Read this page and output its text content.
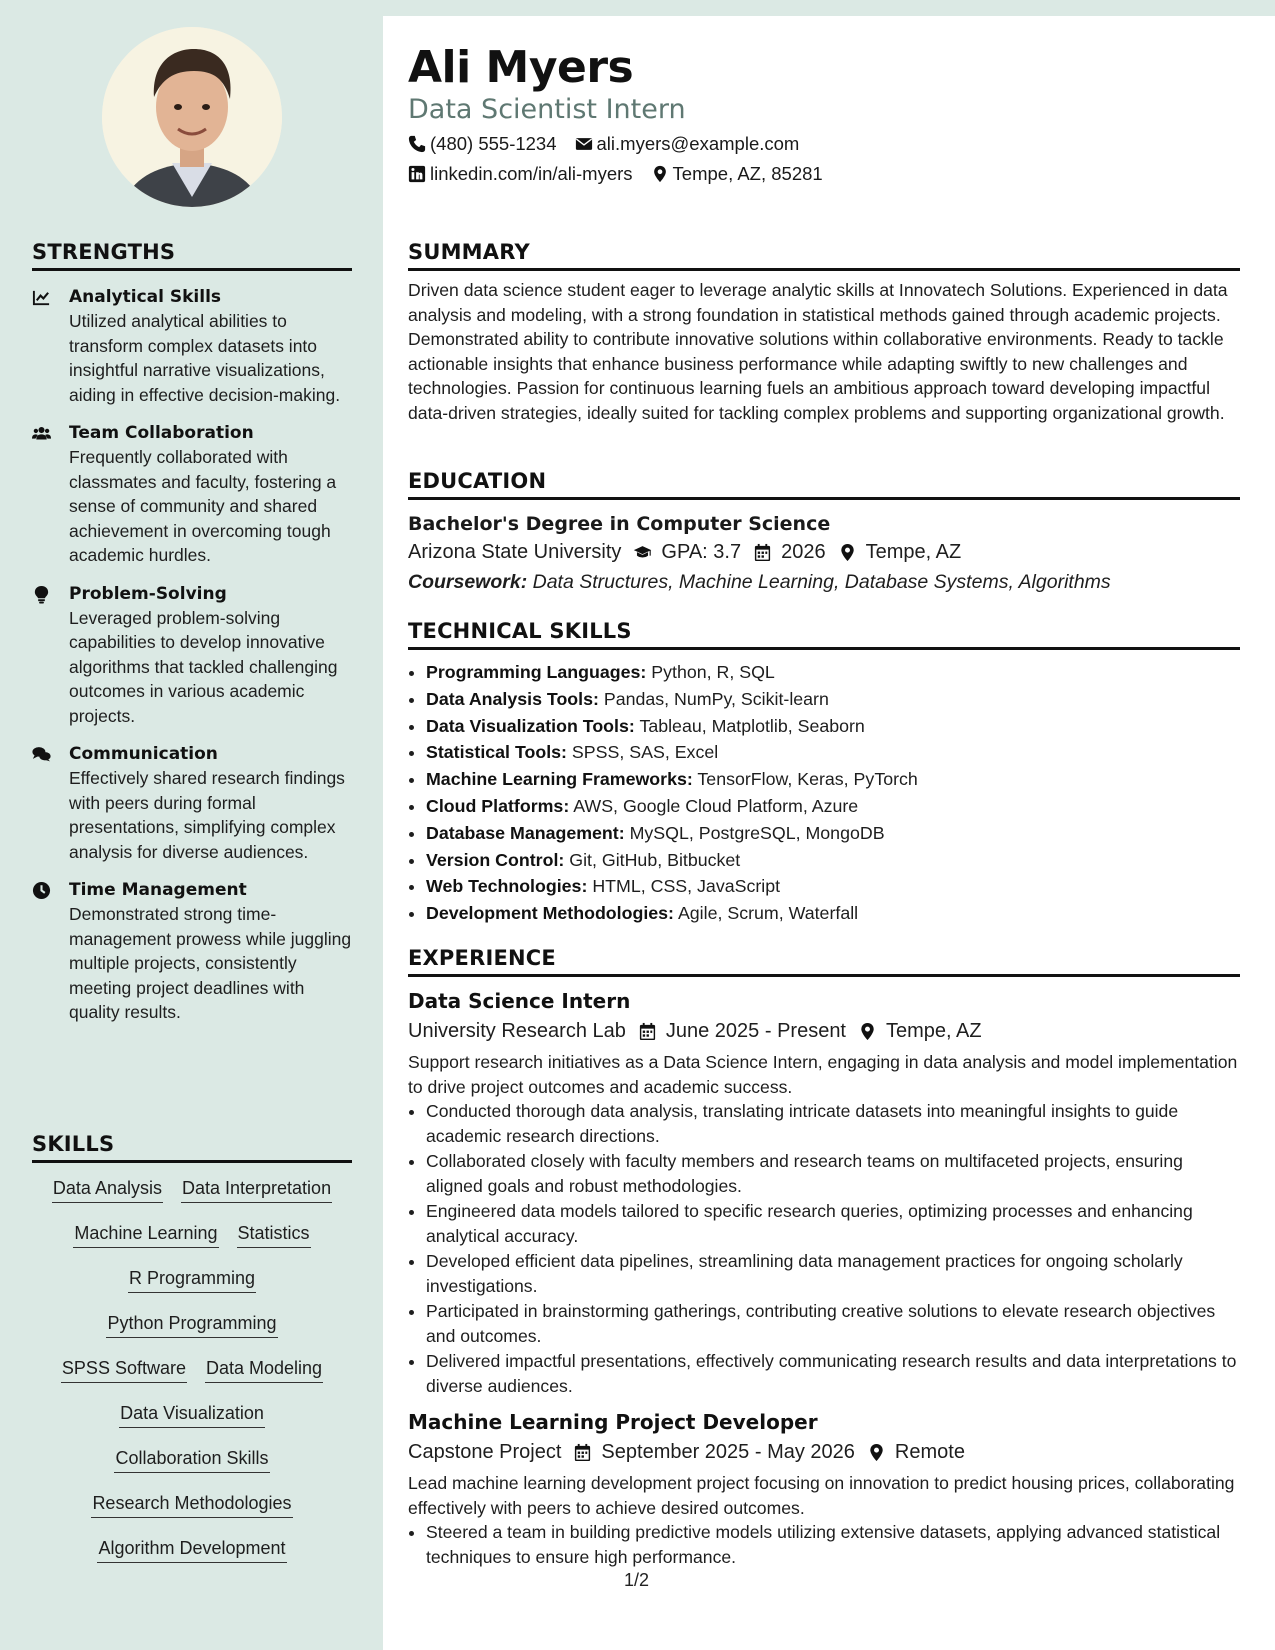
STRENGTHS
Analytical Skills
Utilized analytical abilities to transform complex datasets into insightful narrative visualizations, aiding in effective decision-making.
Team Collaboration
Frequently collaborated with classmates and faculty, fostering a sense of community and shared achievement in overcoming tough academic hurdles.
Problem-Solving
Leveraged problem-solving capabilities to develop innovative algorithms that tackled challenging outcomes in various academic projects.
Communication
Effectively shared research findings with peers during formal presentations, simplifying complex analysis for diverse audiences.
Time Management
Demonstrated strong time-management prowess while juggling multiple projects, consistently meeting project deadlines with quality results.
SKILLS
Data Analysis Data Interpretation
Machine Learning Statistics
R Programming
Python Programming
SPSS Software Data Modeling
Data Visualization
Collaboration Skills
Research Methodologies
Algorithm Development
Ali Myers
Data Scientist Intern
(480) 555-1234 ali.myers@example.com
linkedin.com/in/ali-myers Tempe, AZ, 85281
SUMMARY
Driven data science student eager to leverage analytic skills at Innovatech Solutions. Experienced in data analysis and modeling, with a strong foundation in statistical methods gained through academic projects. Demonstrated ability to contribute innovative solutions within collaborative environments. Ready to tackle actionable insights that enhance business performance while adapting swiftly to new challenges and technologies. Passion for continuous learning fuels an ambitious approach toward developing impactful data-driven strategies, ideally suited for tackling complex problems and supporting organizational growth.
EDUCATION
Bachelor's Degree in Computer Science
Arizona State University GPA: 3.7 2026 Tempe, AZ
Coursework: Data Structures, Machine Learning, Database Systems, Algorithms
TECHNICAL SKILLS
• Programming Languages: Python, R, SQL
• Data Analysis Tools: Pandas, NumPy, Scikit-learn
• Data Visualization Tools: Tableau, Matplotlib, Seaborn
• Statistical Tools: SPSS, SAS, Excel
• Machine Learning Frameworks: TensorFlow, Keras, PyTorch
• Cloud Platforms: AWS, Google Cloud Platform, Azure
• Database Management: MySQL, PostgreSQL, MongoDB
• Version Control: Git, GitHub, Bitbucket
• Web Technologies: HTML, CSS, JavaScript
• Development Methodologies: Agile, Scrum, Waterfall
EXPERIENCE
Data Science Intern
University Research Lab June 2025 - Present Tempe, AZ
Support research initiatives as a Data Science Intern, engaging in data analysis and model implementation to drive project outcomes and academic success.
• Conducted thorough data analysis, translating intricate datasets into meaningful insights to guide academic research directions.
• Collaborated closely with faculty members and research teams on multifaceted projects, ensuring aligned goals and robust methodologies.
• Engineered data models tailored to specific research queries, optimizing processes and enhancing analytical accuracy.
• Developed efficient data pipelines, streamlining data management practices for ongoing scholarly investigations.
• Participated in brainstorming gatherings, contributing creative solutions to elevate research objectives and outcomes.
• Delivered impactful presentations, effectively communicating research results and data interpretations to diverse audiences.
Machine Learning Project Developer
Capstone Project September 2025 - May 2026 Remote
Lead machine learning development project focusing on innovation to predict housing prices, collaborating effectively with peers to achieve desired outcomes.
• Steered a team in building predictive models utilizing extensive datasets, applying advanced statistical techniques to ensure high performance.
1/2
